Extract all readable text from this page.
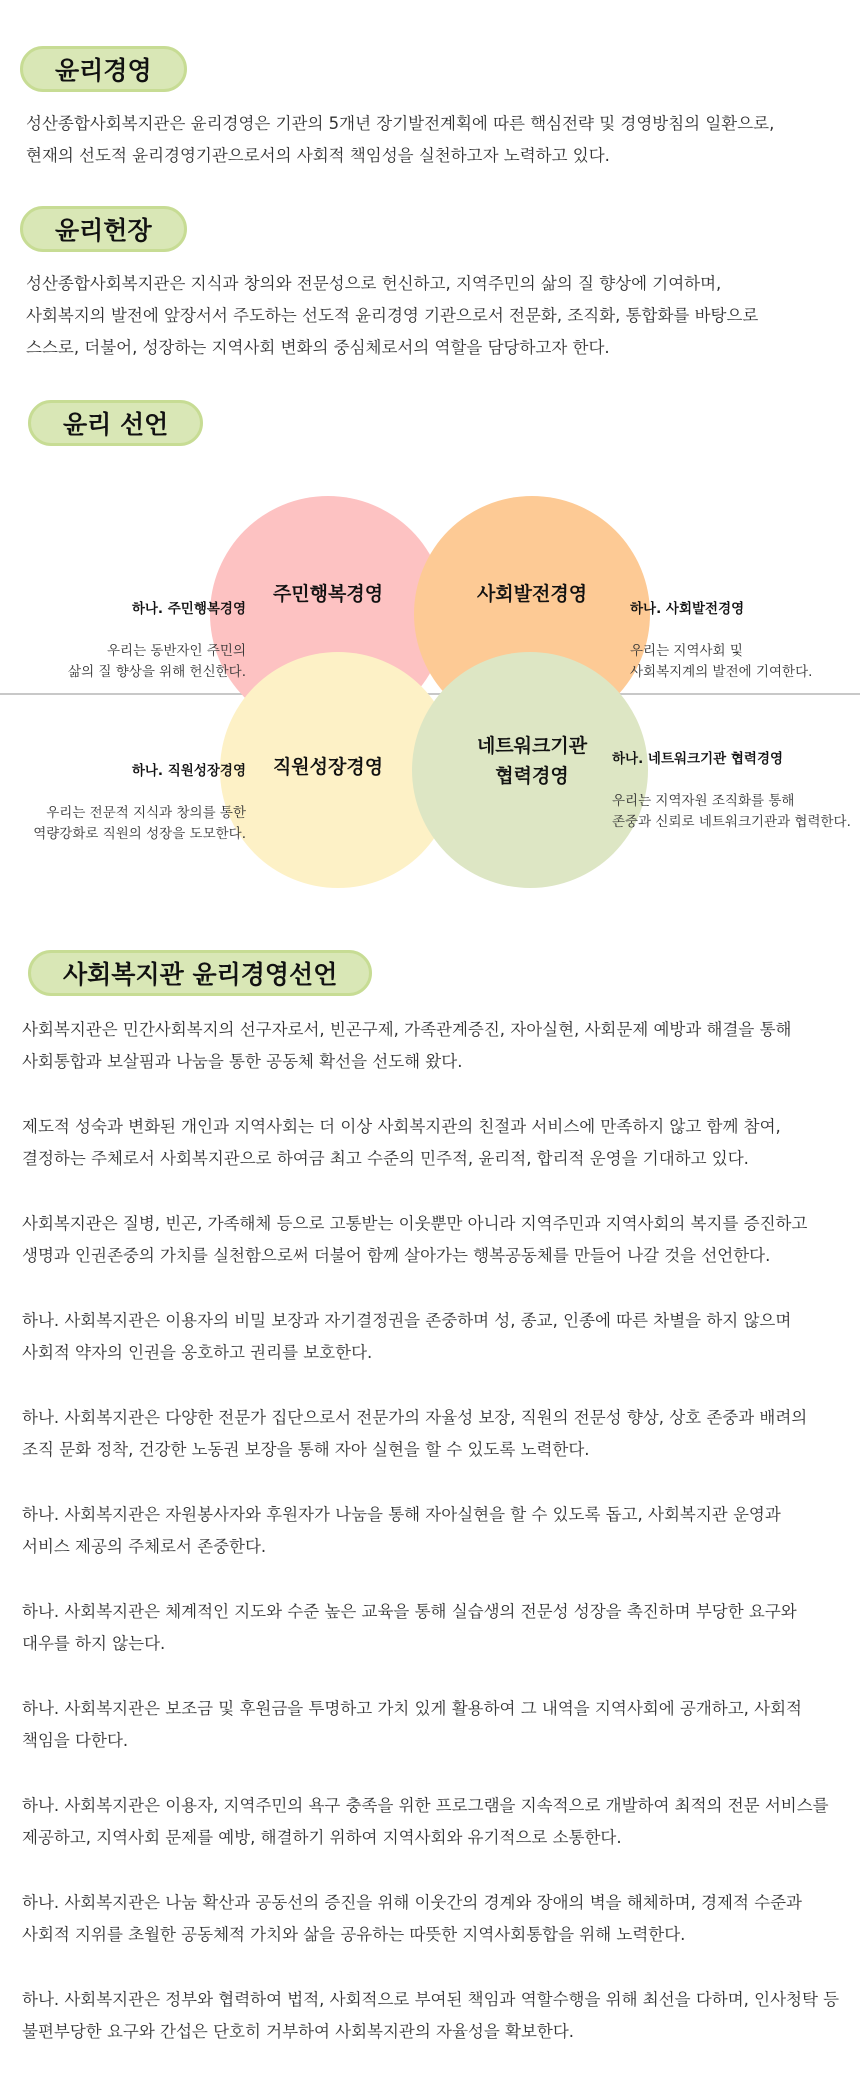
윤리경영
성산종합사회복지관은 윤리경영은 기관의 5개년 장기발전계획에 따른 핵심전략 및 경영방침의 일환으로,
현재의 선도적 윤리경영기관으로서의 사회적 책임성을 실천하고자 노력하고 있다.
윤리헌장
성산종합사회복지관은 지식과 창의와 전문성으로 헌신하고, 지역주민의 삶의 질 향상에 기여하며,
사회복지의 발전에 앞장서서 주도하는 선도적 윤리경영 기관으로서 전문화, 조직화, 통합화를 바탕으로
스스로, 더불어, 성장하는 지역사회 변화의 중심체로서의 역할을 담당하고자 한다.
윤리 선언
주민행복경영	사회발전경영
직원성장경영
네트워크기관 협력경영

하나. 주민행복경영

우리는 동반자인 주민의
삶의 질 향상을 위해 헌신한다.

하나. 사회발전경영

우리는 지역사회 및
사회복지계의 발전에 기여한다.

하나. 직원성장경영

우리는 전문적 지식과 창의를 통한
역량강화로 직원의 성장을 도모한다.

하나. 네트워크기관 협력경영

우리는 지역자원 조직화를 통해
존중과 신뢰로 네트워크기관과 협력한다.

사회복지관 윤리경영선언
사회복지관은 민간사회복지의 선구자로서, 빈곤구제, 가족관계증진, 자아실현, 사회문제 예방과 해결을 통해
사회통합과 보살핌과 나눔을 통한 공동체 확선을 선도해 왔다.
제도적 성숙과 변화된 개인과 지역사회는 더 이상 사회복지관의 친절과 서비스에 만족하지 않고 함께 참여,
결정하는 주체로서 사회복지관으로 하여금 최고 수준의 민주적, 윤리적, 합리적 운영을 기대하고 있다.
사회복지관은 질병, 빈곤, 가족해체 등으로 고통받는 이웃뿐만 아니라 지역주민과 지역사회의 복지를 증진하고
생명과 인권존중의 가치를 실천함으로써 더불어 함께 살아가는 행복공동체를 만들어 나갈 것을 선언한다.
하나. 사회복지관은 이용자의 비밀 보장과 자기결정권을 존중하며 성, 종교, 인종에 따른 차별을 하지 않으며
사회적 약자의 인권을 옹호하고 권리를 보호한다.
하나. 사회복지관은 다양한 전문가 집단으로서 전문가의 자율성 보장, 직원의 전문성 향상, 상호 존중과 배려의
조직 문화 정착, 건강한 노동권 보장을 통해 자아 실현을 할 수 있도록 노력한다.
하나. 사회복지관은 자원봉사자와 후원자가 나눔을 통해 자아실현을 할 수 있도록 돕고, 사회복지관 운영과
서비스 제공의 주체로서 존중한다.
하나. 사회복지관은 체계적인 지도와 수준 높은 교육을 통해 실습생의 전문성 성장을 촉진하며 부당한 요구와
대우를 하지 않는다.
하나. 사회복지관은 보조금 및 후원금을 투명하고 가치 있게 활용하여 그 내역을 지역사회에 공개하고, 사회적
책임을 다한다.
하나. 사회복지관은 이용자, 지역주민의 욕구 충족을 위한 프로그램을 지속적으로 개발하여 최적의 전문 서비스를
제공하고, 지역사회 문제를 예방, 해결하기 위하여 지역사회와 유기적으로 소통한다.
하나. 사회복지관은 나눔 확산과 공동선의 증진을 위해 이웃간의 경계와 장애의 벽을 해체하며, 경제적 수준과
사회적 지위를 초월한 공동체적 가치와 삶을 공유하는 따뜻한 지역사회통합을 위해 노력한다.
하나. 사회복지관은 정부와 협력하여 법적, 사회적으로 부여된 책임과 역할수행을 위해 최선을 다하며, 인사청탁 등
불편부당한 요구와 간섭은 단호히 거부하여 사회복지관의 자율성을 확보한다.
